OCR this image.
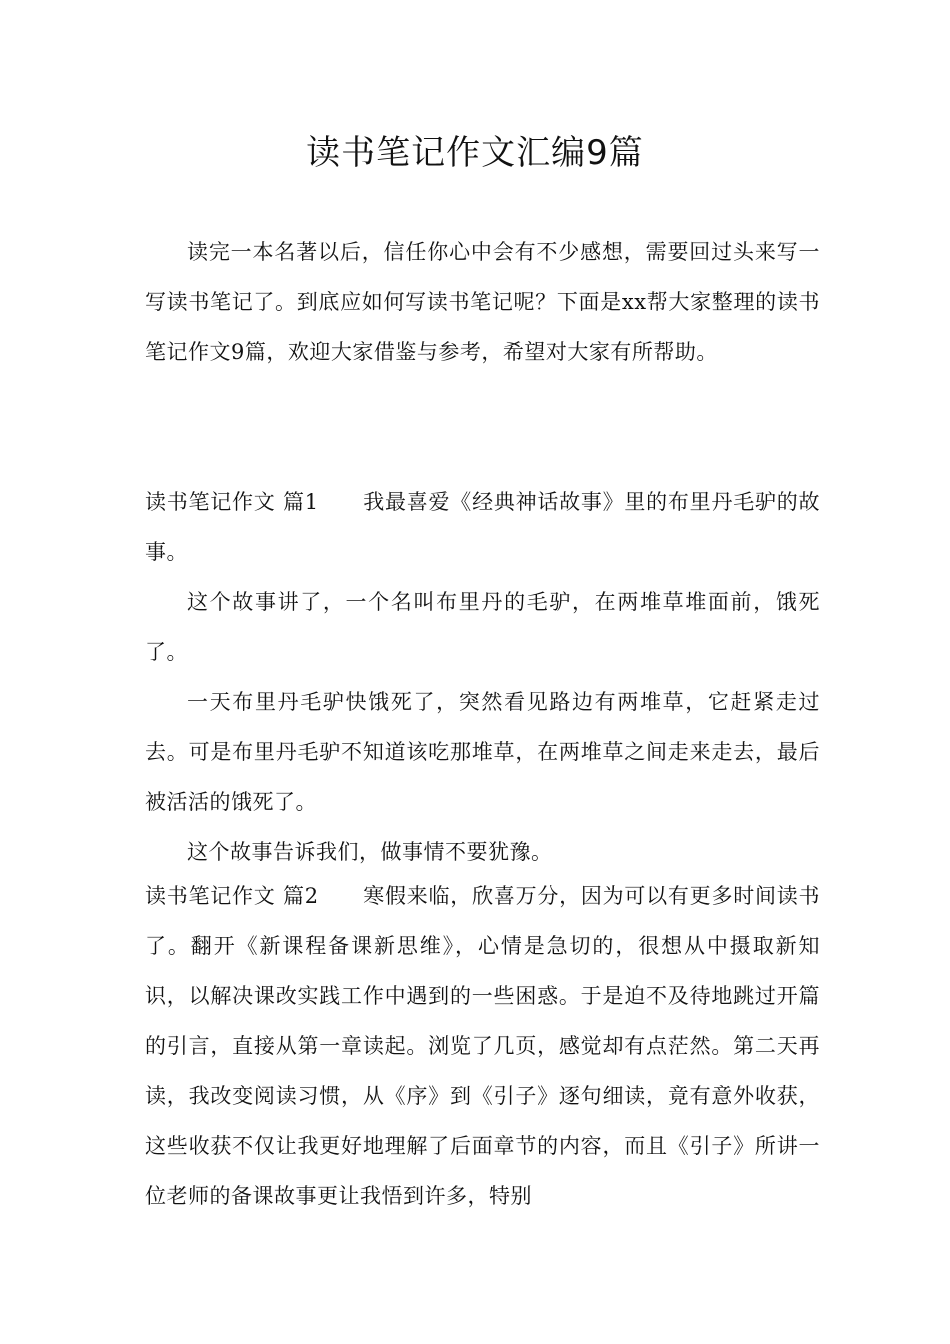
读书笔记作文汇编9篇

读完一本名著以后，信任你心中会有不少感想，需要回过头来写一写读书笔记了。到底应如何写读书笔记呢？下面是xx帮大家整理的读书笔记作文9篇，欢迎大家借鉴与参考，希望对大家有所帮助。

读书笔记作文 篇1 我最喜爱《经典神话故事》里的布里丹毛驴的故事。

这个故事讲了，一个名叫布里丹的毛驴，在两堆草堆面前，饿死了。

一天布里丹毛驴快饿死了，突然看见路边有两堆草，它赶紧走过去。可是布里丹毛驴不知道该吃那堆草，在两堆草之间走来走去，最后被活活的饿死了。

这个故事告诉我们，做事情不要犹豫。

读书笔记作文 篇2 寒假来临，欣喜万分，因为可以有更多时间读书了。翻开《新课程备课新思维》，心情是急切的，很想从中摄取新知识，以解决课改实践工作中遇到的一些困惑。于是迫不及待地跳过开篇的引言，直接从第一章读起。浏览了几页，感觉却有点茫然。第二天再读，我改变阅读习惯，从《序》到《引子》逐句细读，竟有意外收获，这些收获不仅让我更好地理解了后面章节的内容，而且《引子》所讲一位老师的备课故事更让我悟到许多，特别
